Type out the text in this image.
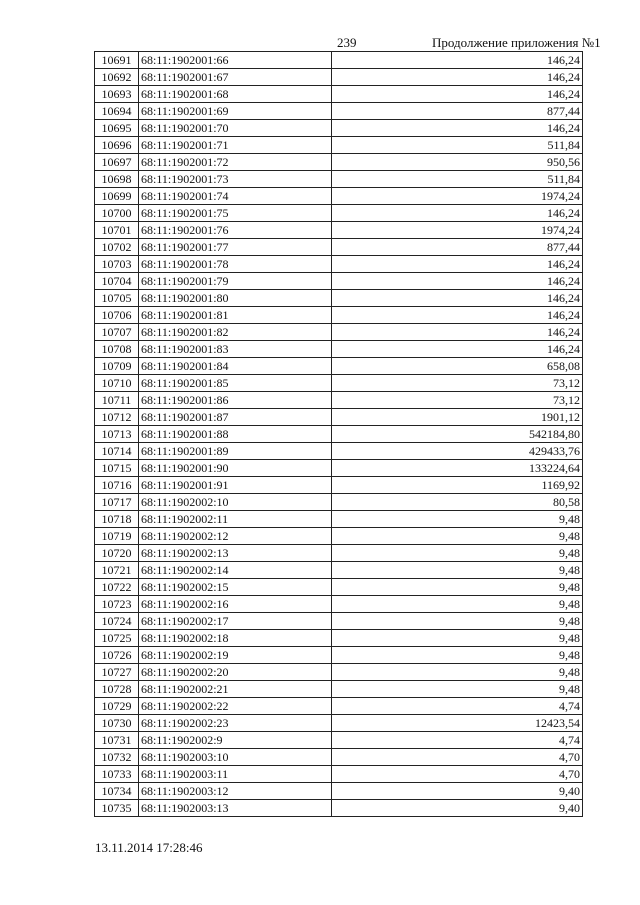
239	Продолжение приложения №1
10691	68:11:1902001:66	146,24
10692	68:11:1902001:67	146,24
10693	68:11:1902001:68	146,24
10694	68:11:1902001:69	877,44
10695	68:11:1902001:70	146,24
10696	68:11:1902001:71	511,84
10697	68:11:1902001:72	950,56
10698	68:11:1902001:73	511,84
10699	68:11:1902001:74	1974,24
10700	68:11:1902001:75	146,24
10701	68:11:1902001:76	1974,24
10702	68:11:1902001:77	877,44
10703	68:11:1902001:78	146,24
10704	68:11:1902001:79	146,24
10705	68:11:1902001:80	146,24
10706	68:11:1902001:81	146,24
10707	68:11:1902001:82	146,24
10708	68:11:1902001:83	146,24
10709	68:11:1902001:84	658,08
10710	68:11:1902001:85	73,12
10711	68:11:1902001:86	73,12
10712	68:11:1902001:87	1901,12
10713	68:11:1902001:88	542184,80
10714	68:11:1902001:89	429433,76
10715	68:11:1902001:90	133224,64
10716	68:11:1902001:91	1169,92
10717	68:11:1902002:10	80,58
10718	68:11:1902002:11	9,48
10719	68:11:1902002:12	9,48
10720	68:11:1902002:13	9,48
10721	68:11:1902002:14	9,48
10722	68:11:1902002:15	9,48
10723	68:11:1902002:16	9,48
10724	68:11:1902002:17	9,48
10725	68:11:1902002:18	9,48
10726	68:11:1902002:19	9,48
10727	68:11:1902002:20	9,48
10728	68:11:1902002:21	9,48
10729	68:11:1902002:22	4,74
10730	68:11:1902002:23	12423,54
10731	68:11:1902002:9	4,74
10732	68:11:1902003:10	4,70
10733	68:11:1902003:11	4,70
10734	68:11:1902003:12	9,40
10735	68:11:1902003:13	9,40
13.11.2014 17:28:46
